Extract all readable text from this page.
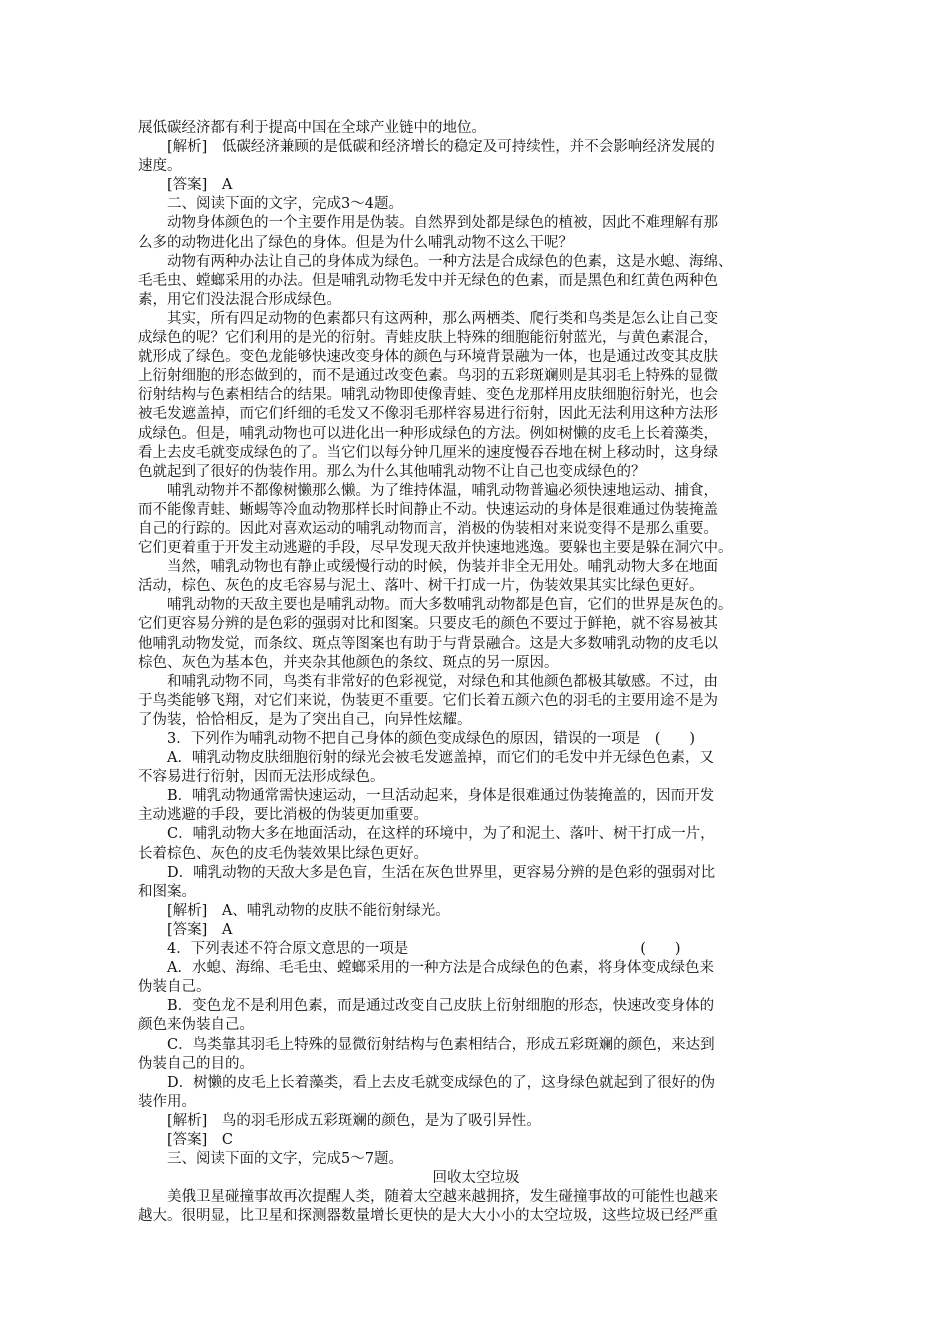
展低碳经济都有利于提高中国在全球产业链中的地位。
[解析]　低碳经济兼顾的是低碳和经济增长的稳定及可持续性，并不会影响经济发展的
速度。
[答案]　A
二、阅读下面的文字，完成3～4题。
动物身体颜色的一个主要作用是伪装。自然界到处都是绿色的植被，因此不难理解有那
么多的动物进化出了绿色的身体。但是为什么哺乳动物不这么干呢？
动物有两种办法让自己的身体成为绿色。一种方法是合成绿色的色素，这是水螅、海绵、
毛毛虫、螳螂采用的办法。但是哺乳动物毛发中并无绿色的色素，而是黑色和红黄色两种色
素，用它们没法混合形成绿色。
其实，所有四足动物的色素都只有这两种，那么两栖类、爬行类和鸟类是怎么让自己变
成绿色的呢？它们利用的是光的衍射。青蛙皮肤上特殊的细胞能衍射蓝光，与黄色素混合，
就形成了绿色。变色龙能够快速改变身体的颜色与环境背景融为一体，也是通过改变其皮肤
上衍射细胞的形态做到的，而不是通过改变色素。鸟羽的五彩斑斓则是其羽毛上特殊的显微
衍射结构与色素相结合的结果。哺乳动物即使像青蛙、变色龙那样用皮肤细胞衍射光，也会
被毛发遮盖掉，而它们纤细的毛发又不像羽毛那样容易进行衍射，因此无法利用这种方法形
成绿色。但是，哺乳动物也可以进化出一种形成绿色的方法。例如树懒的皮毛上长着藻类，
看上去皮毛就变成绿色的了。当它们以每分钟几厘米的速度慢吞吞地在树上移动时，这身绿
色就起到了很好的伪装作用。那么为什么其他哺乳动物不让自己也变成绿色的？
哺乳动物并不都像树懒那么懒。为了维持体温，哺乳动物普遍必须快速地运动、捕食，
而不能像青蛙、蜥蜴等冷血动物那样长时间静止不动。快速运动的身体是很难通过伪装掩盖
自己的行踪的。因此对喜欢运动的哺乳动物而言，消极的伪装相对来说变得不是那么重要。
它们更着重于开发主动逃避的手段，尽早发现天敌并快速地逃逸。要躲也主要是躲在洞穴中。
当然，哺乳动物也有静止或缓慢行动的时候，伪装并非全无用处。哺乳动物大多在地面
活动，棕色、灰色的皮毛容易与泥土、落叶、树干打成一片，伪装效果其实比绿色更好。
哺乳动物的天敌主要也是哺乳动物。而大多数哺乳动物都是色盲，它们的世界是灰色的。
它们更容易分辨的是色彩的强弱对比和图案。只要皮毛的颜色不要过于鲜艳，就不容易被其
他哺乳动物发觉，而条纹、斑点等图案也有助于与背景融合。这是大多数哺乳动物的皮毛以
棕色、灰色为基本色，并夹杂其他颜色的条纹、斑点的另一原因。
和哺乳动物不同，鸟类有非常好的色彩视觉，对绿色和其他颜色都极其敏感。不过，由
于鸟类能够飞翔，对它们来说，伪装更不重要。它们长着五颜六色的羽毛的主要用途不是为
了伪装，恰恰相反，是为了突出自己，向异性炫耀。
3．下列作为哺乳动物不把自己身体的颜色变成绿色的原因，错误的一项是　(　　)
A．哺乳动物皮肤细胞衍射的绿光会被毛发遮盖掉，而它们的毛发中并无绿色色素，又
不容易进行衍射，因而无法形成绿色。
B．哺乳动物通常需快速运动，一旦活动起来，身体是很难通过伪装掩盖的，因而开发
主动逃避的手段，要比消极的伪装更加重要。
C．哺乳动物大多在地面活动，在这样的环境中，为了和泥土、落叶、树干打成一片，
长着棕色、灰色的皮毛伪装效果比绿色更好。
D．哺乳动物的天敌大多是色盲，生活在灰色世界里，更容易分辨的是色彩的强弱对比
和图案。
[解析]　A、哺乳动物的皮肤不能衍射绿光。
[答案]　A
4．下列表述不符合原文意思的一项是　　　　　　　　　　　　　　　　(　　)
A．水螅、海绵、毛毛虫、螳螂采用的一种方法是合成绿色的色素，将身体变成绿色来
伪装自己。
B．变色龙不是利用色素，而是通过改变自己皮肤上衍射细胞的形态，快速改变身体的
颜色来伪装自己。
C．鸟类靠其羽毛上特殊的显微衍射结构与色素相结合，形成五彩斑斓的颜色，来达到
伪装自己的目的。
D．树懒的皮毛上长着藻类，看上去皮毛就变成绿色的了，这身绿色就起到了很好的伪
装作用。
[解析]　鸟的羽毛形成五彩斑斓的颜色，是为了吸引异性。
[答案]　C
三、阅读下面的文字，完成5～7题。
回收太空垃圾
美俄卫星碰撞事故再次提醒人类，随着太空越来越拥挤，发生碰撞事故的可能性也越来
越大。很明显，比卫星和探测器数量增长更快的是大大小小的太空垃圾，这些垃圾已经严重
